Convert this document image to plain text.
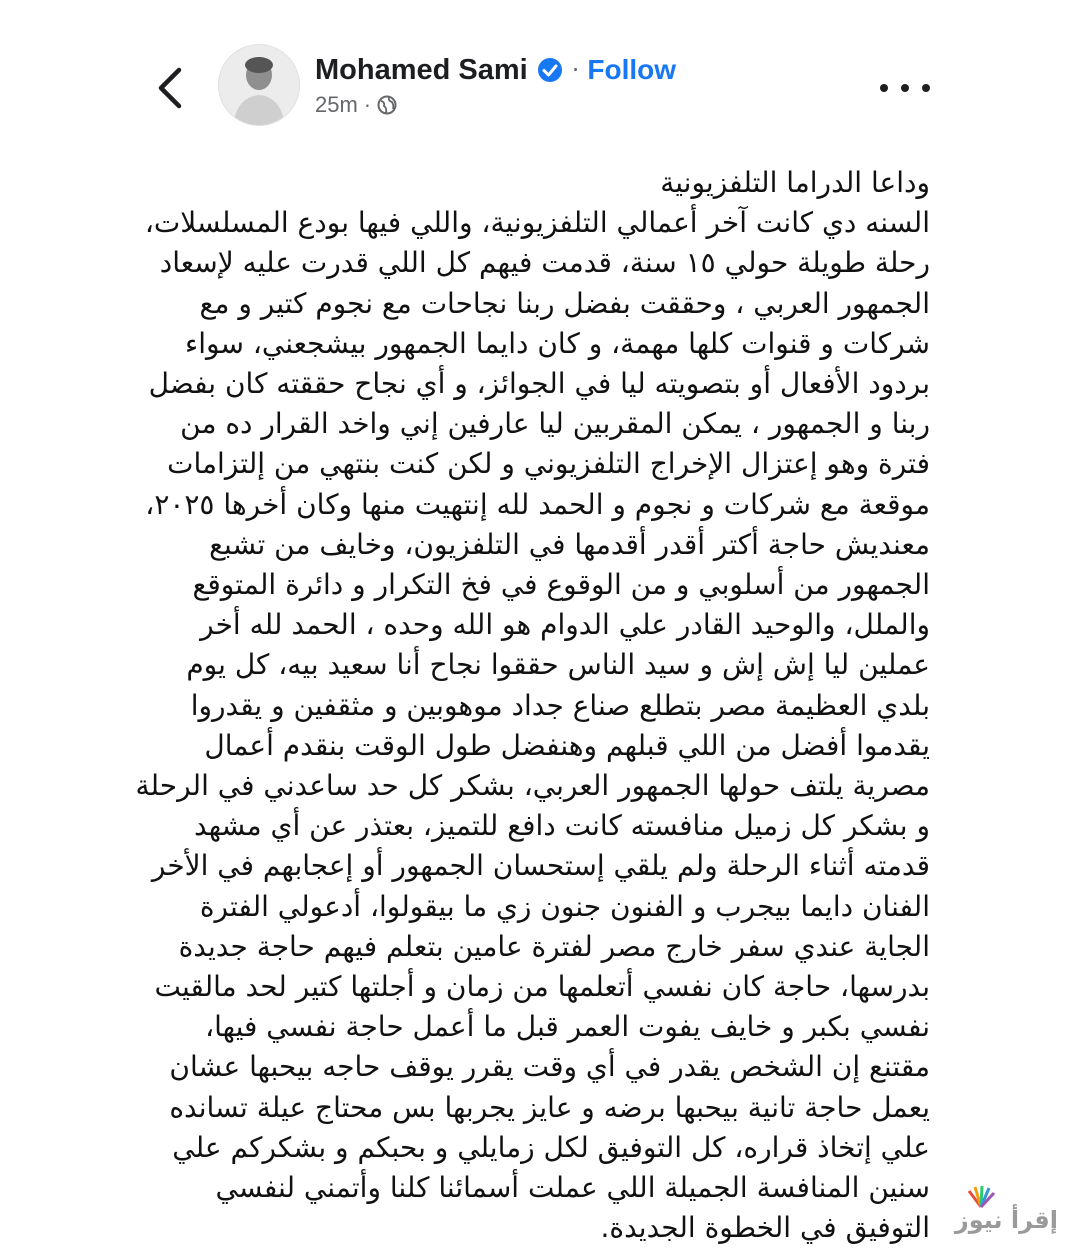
Mohamed Sami · Follow
25m ·

وداعا الدراما التلفزيونية

السنه دي كانت آخر أعمالي التلفزيونية، واللي فيها بودع المسلسلات،

رحلة طويلة حولي ١٥ سنة، قدمت فيهم كل اللي قدرت عليه لإسعاد

الجمهور العربي ، وحققت بفضل ربنا نجاحات مع نجوم كتير و مع

شركات و قنوات كلها مهمة، و كان دايما الجمهور بيشجعني، سواء

بردود الأفعال أو بتصويته ليا في الجوائز، و أي نجاح حققته كان بفضل

ربنا و الجمهور ، يمكن المقربين ليا عارفين إني واخد القرار ده من

فترة وهو إعتزال الإخراج التلفزيوني و لكن كنت بنتهي من إلتزامات

موقعة مع شركات و نجوم و الحمد لله إنتهيت منها وكان أخرها ٢٠٢٥،

معنديش حاجة أكتر أقدر أقدمها في التلفزيون، وخايف من تشبع

الجمهور من أسلوبي و من الوقوع في فخ التكرار و دائرة المتوقع

والملل، والوحيد القادر علي الدوام هو الله وحده ، الحمد لله أخر

عملين ليا إش إش و سيد الناس حققوا نجاح أنا سعيد بيه، كل يوم

بلدي العظيمة مصر بتطلع صناع جداد موهوبين و مثقفين و يقدروا

يقدموا أفضل من اللي قبلهم وهنفضل طول الوقت بنقدم أعمال

مصرية يلتف حولها الجمهور العربي، بشكر كل حد ساعدني في الرحلة

و بشكر كل زميل منافسته كانت دافع للتميز، بعتذر عن أي مشهد

قدمته أثناء الرحلة ولم يلقي إستحسان الجمهور أو إعجابهم في الأخر

الفنان دايما بيجرب و الفنون جنون زي ما بيقولوا، أدعولي الفترة

الجاية عندي سفر خارج مصر لفترة عامين بتعلم فيهم حاجة جديدة

بدرسها، حاجة كان نفسي أتعلمها من زمان و أجلتها كتير لحد مالقيت

نفسي بكبر و خايف يفوت العمر قبل ما أعمل حاجة نفسي فيها،

مقتنع إن الشخص يقدر في أي وقت يقرر يوقف حاجه بيحبها عشان

يعمل حاجة تانية بيحبها برضه و عايز يجربها بس محتاج عيلة تسانده

علي إتخاذ قراره، كل التوفيق لكل زمايلي و بحبكم و بشكركم علي

سنين المنافسة الجميلة اللي عملت أسمائنا كلنا وأتمني لنفسي

التوفيق في الخطوة الجديدة. إقرأ نيوز
